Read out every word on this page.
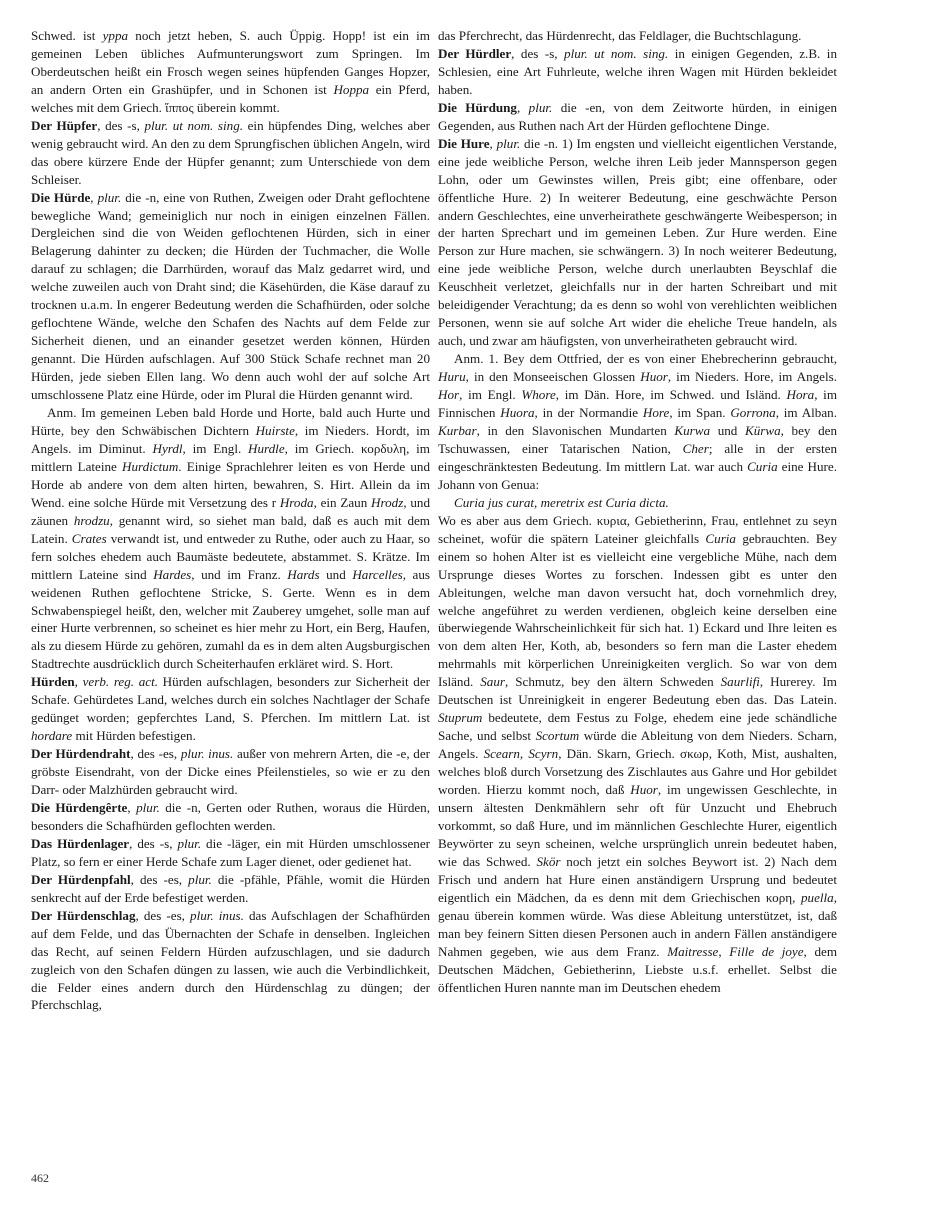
Schwed. ist yppa noch jetzt heben, S. auch Üppig. Hopp! ist ein im gemeinen Leben übliches Aufmunterungswort zum Springen. Im Oberdeutschen heißt ein Frosch wegen seines hüpfenden Ganges Hopzer, an andern Orten ein Grashüpfer, und in Schonen ist Hoppa ein Pferd, welches mit dem Griech. ἵππος überein kommt.

Der Hüpfer, des -s, plur. ut nom. sing. ein hüpfendes Ding, welches aber wenig gebraucht wird. An den zu dem Sprungfischen üblichen Angeln, wird das obere kürzere Ende der Hüpfer genannt; zum Unterschiede von dem Schleiser.

Die Hürde, plur. die -n, eine von Ruthen, Zweigen oder Draht geflochtene bewegliche Wand; gemeiniglich nur noch in einigen einzelnen Fällen. Dergleichen sind die von Weiden geflochtenen Hürden, sich in einer Belagerung dahinter zu decken; die Hürden der Tuchmacher, die Wolle darauf zu schlagen; die Darrhürden, worauf das Malz gedarret wird, und welche zuweilen auch von Draht sind; die Käsehürden, die Käse darauf zu trocknen u.a.m. In engerer Bedeutung werden die Schafhürden, oder solche geflochtene Wände, welche den Schafen des Nachts auf dem Felde zur Sicherheit dienen, und an einander gesetzet werden können, Hürden genannt. Die Hürden aufschlagen. Auf 300 Stück Schafe rechnet man 20 Hürden, jede sieben Ellen lang. Wo denn auch wohl der auf solche Art umschlossene Platz eine Hürde, oder im Plural die Hürden genannt wird.

Anm. Im gemeinen Leben bald Horde und Horte, bald auch Hurte und Hürte, bey den Schwäbischen Dichtern Huirste, im Nieders. Hordt, im Angels. im Diminut. Hyrdl, im Engl. Hurdle, im Griech. κορδυλη, im mittlern Lateine Hurdictum. Einige Sprachlehrer leiten es von Herde und Horde ab andere von dem alten hirten, bewahren, S. Hirt. Allein da im Wend. eine solche Hürde mit Versetzung des r Hroda, ein Zaun Hrodz, und zäunen hrodzu, genannt wird, so siehet man bald, daß es auch mit dem Latein. Crates verwandt ist, und entweder zu Ruthe, oder auch zu Haar, so fern solches ehedem auch Baumäste bedeutete, abstammet. S. Krätze. Im mittlern Lateine sind Hardes, und im Franz. Hards und Harcelles, aus weidenen Ruthen geflochtene Stricke, S. Gerte. Wenn es in dem Schwabenspiegel heißt, den, welcher mit Zauberey umgehet, solle man auf einer Hurte verbrennen, so scheinet es hier mehr zu Hort, ein Berg, Haufen, als zu diesem Hürde zu gehören, zumahl da es in dem alten Augsburgischen Stadtrechte ausdrücklich durch Scheiterhaufen erkläret wird. S. Hort.

Hürden, verb. reg. act. Hürden aufschlagen, besonders zur Sicherheit der Schafe. Gehürdetes Land, welches durch ein solches Nachtlager der Schafe gedünget worden; gepferchtes Land, S. Pferchen. Im mittlern Lat. ist hordare mit Hürden befestigen.

Der Hürdendraht, des -es, plur. inus. außer von mehrern Arten, die -e, der gröbste Eisendraht, von der Dicke eines Pfeilenstieles, so wie er zu den Darr- oder Malzhürden gebraucht wird.

Die Hürdengêrte, plur. die -n, Gerten oder Ruthen, woraus die Hürden, besonders die Schafhürden geflochten werden.

Das Hürdenlager, des -s, plur. die -läger, ein mit Hürden umschlossener Platz, so fern er einer Herde Schafe zum Lager dienet, oder gedienet hat.

Der Hürdenpfahl, des -es, plur. die -pfähle, Pfähle, womit die Hürden senkrecht auf der Erde befestiget werden.

Der Hürdenschlag, des -es, plur. inus. das Aufschlagen der Schafhürden auf dem Felde, und das Übernachten der Schafe in denselben. Ingleichen das Recht, auf seinen Feldern Hürden aufzuschlagen, und sie dadurch zugleich von den Schafen düngen zu lassen, wie auch die Verbindlichkeit, die Felder eines andern durch den Hürdenschlag zu düngen; der Pferchschlag,

das Pferchrecht, das Hürdenrecht, das Feldlager, die Buchtschlagung.

Der Hürdler, des -s, plur. ut nom. sing. in einigen Gegenden, z.B. in Schlesien, eine Art Fuhrleute, welche ihren Wagen mit Hürden bekleidet haben.

Die Hürdung, plur. die -en, von dem Zeitworte hürden, in einigen Gegenden, aus Ruthen nach Art der Hürden geflochtene Dinge.

Die Hure, plur. die -n. 1) Im engsten und vielleicht eigentlichen Verstande, eine jede weibliche Person, welche ihren Leib jeder Mannsperson gegen Lohn, oder um Gewinstes willen, Preis gibt; eine offenbare, oder öffentliche Hure. 2) In weiterer Bedeutung, eine geschwächte Person andern Geschlechtes, eine unverheirathete geschwängerte Weibesperson; in der harten Sprechart und im gemeinen Leben. Zur Hure werden. Eine Person zur Hure machen, sie schwängern. 3) In noch weiterer Bedeutung, eine jede weibliche Person, welche durch unerlaubten Beyschlaf die Keuschheit verletzet, gleichfalls nur in der harten Schreibart und mit beleidigender Verachtung; da es denn so wohl von verehlichten weiblichen Personen, wenn sie auf solche Art wider die eheliche Treue handeln, als auch, und zwar am häufigsten, von unverheiratheten gebraucht wird.

Anm. 1. Bey dem Ottfried, der es von einer Ehebrecherinn gebraucht, Huru, in den Monseeischen Glossen Huor, im Nieders. Hore, im Angels. Hor, im Engl. Whore, im Dän. Hore, im Schwed. und Isländ. Hora, im Finnischen Huora, in der Normandie Hore, im Span. Gorrona, im Alban. Kurbar, in den Slavonischen Mundarten Kurwa und Kürwa, bey den Tschuwassen, einer Tatarischen Nation, Cher; alle in der ersten eingeschränktesten Bedeutung. Im mittlern Lat. war auch Curia eine Hure. Johann von Genua:

Curia jus curat, meretrix est Curia dicta.

Wo es aber aus dem Griech. κυρια, Gebietherinn, Frau, entlehnet zu seyn scheinet, wofür die spätern Lateiner gleichfalls Curia gebrauchten. Bey einem so hohen Alter ist es vielleicht eine vergebliche Mühe, nach dem Ursprunge dieses Wortes zu forschen. Indessen gibt es unter den Ableitungen, welche man davon versucht hat, doch vornehmlich drey, welche angeführet zu werden verdienen, obgleich keine derselben eine überwiegende Wahrscheinlichkeit für sich hat. 1) Eckard und Ihre leiten es von dem alten Her, Koth, ab, besonders so fern man die Laster ehedem mehrmahls mit körperlichen Unreinigkeiten verglich. So war von dem Isländ. Saur, Schmutz, bey den ältern Schweden Saurlifi, Hurerey. Im Deutschen ist Unreinigkeit in engerer Bedeutung eben das. Das Latein. Stuprum bedeutete, dem Festus zu Folge, ehedem eine jede schändliche Sache, und selbst Scortum würde die Ableitung von dem Nieders. Scharn, Angels. Scearn, Scyrn, Dän. Skarn, Griech. σκωρ, Koth, Mist, aushalten, welches bloß durch Vorsetzung des Zischlautes aus Gahre und Hor gebildet worden. Hierzu kommt noch, daß Huor, im ungewissen Geschlechte, in unsern ältesten Denkmählern sehr oft für Unzucht und Ehebruch vorkommt, so daß Hure, und im männlichen Geschlechte Hurer, eigentlich Beywörter zu seyn scheinen, welche ursprünglich unrein bedeutet haben, wie das Schwed. Skör noch jetzt ein solches Beywort ist. 2) Nach dem Frisch und andern hat Hure einen anständigern Ursprung und bedeutet eigentlich ein Mädchen, da es denn mit dem Griechischen κορη, puella, genau überein kommen würde. Was diese Ableitung unterstützet, ist, daß man bey feinern Sitten diesen Personen auch in andern Fällen anständigere Nahmen gegeben, wie aus dem Franz. Maitresse, Fille de joye, dem Deutschen Mädchen, Gebietherinn, Liebste u.s.f. erhellet. Selbst die öffentlichen Huren nannte man im Deutschen ehedem

462
